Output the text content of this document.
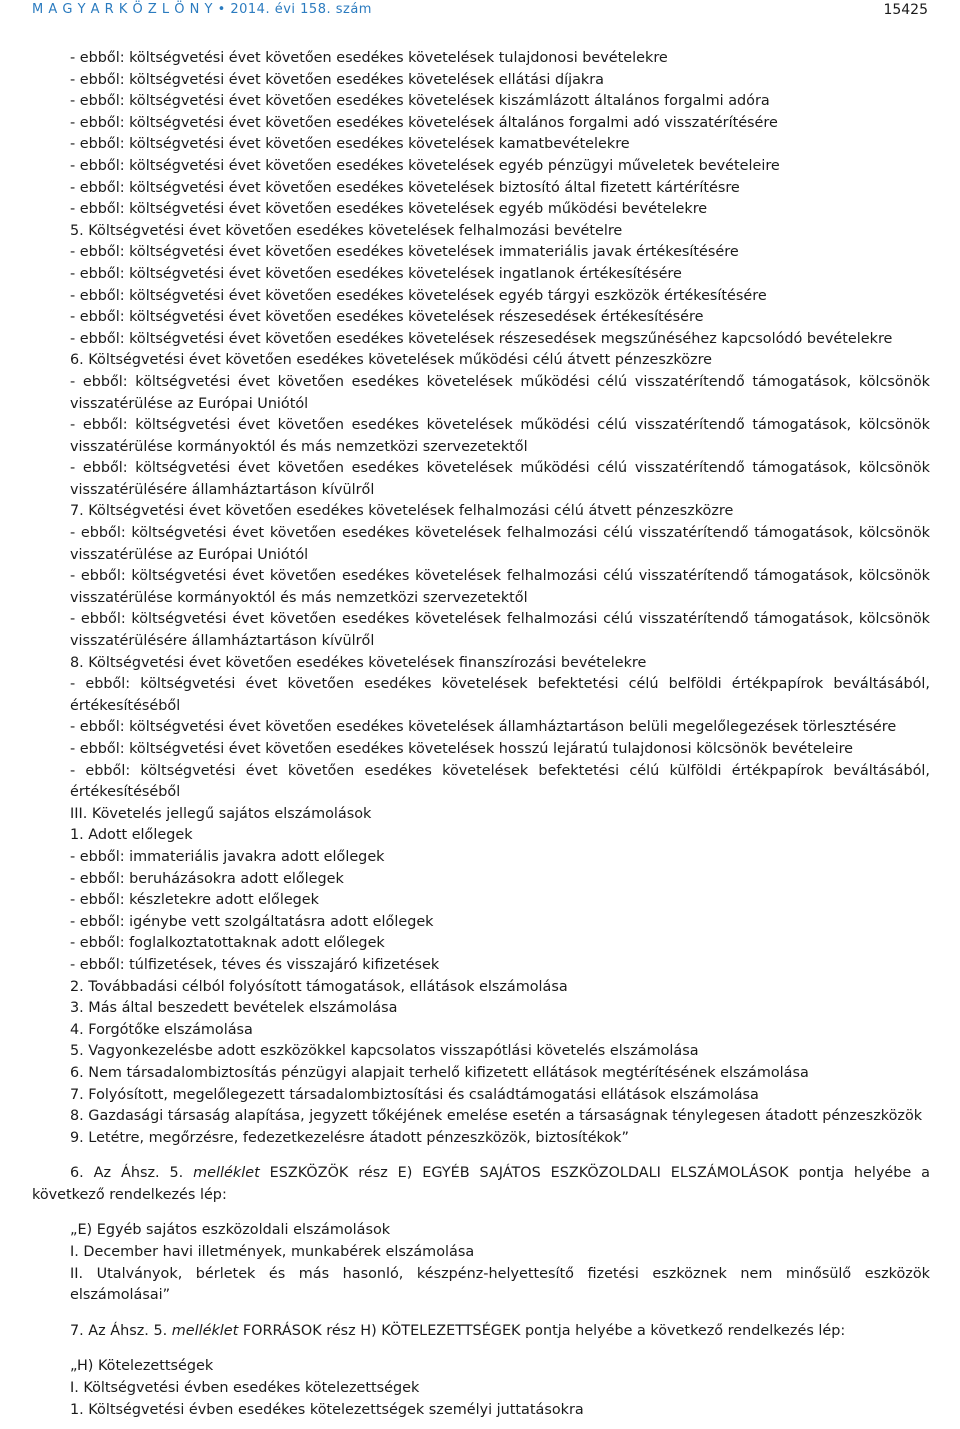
M A G Y A R K Ö Z L Ö N Y • 2014. évi 158. szám	15425
- ebből: költségvetési évet követően esedékes követelések tulajdonosi bevételekre
- ebből: költségvetési évet követően esedékes követelések ellátási díjakra
- ebből: költségvetési évet követően esedékes követelések kiszámlázott általános forgalmi adóra
- ebből: költségvetési évet követően esedékes követelések általános forgalmi adó visszatérítésére
- ebből: költségvetési évet követően esedékes követelések kamatbevételekre
- ebből: költségvetési évet követően esedékes követelések egyéb pénzügyi műveletek bevételeire
- ebből: költségvetési évet követően esedékes követelések biztosító által fizetett kártérítésre
- ebből: költségvetési évet követően esedékes követelések egyéb működési bevételekre
5. Költségvetési évet követően esedékes követelések felhalmozási bevételre
- ebből: költségvetési évet követően esedékes követelések immateriális javak értékesítésére
- ebből: költségvetési évet követően esedékes követelések ingatlanok értékesítésére
- ebből: költségvetési évet követően esedékes követelések egyéb tárgyi eszközök értékesítésére
- ebből: költségvetési évet követően esedékes követelések részesedések értékesítésére
- ebből: költségvetési évet követően esedékes követelések részesedések megszűnéséhez kapcsolódó bevételekre
6. Költségvetési évet követően esedékes követelések működési célú átvett pénzeszközre
- ebből: költségvetési évet követően esedékes követelések működési célú visszatérítendő támogatások, kölcsönök visszatérülése az Európai Uniótól
- ebből: költségvetési évet követően esedékes követelések működési célú visszatérítendő támogatások, kölcsönök visszatérülése kormányoktól és más nemzetközi szervezetektől
- ebből: költségvetési évet követően esedékes követelések működési célú visszatérítendő támogatások, kölcsönök visszatérülésére államháztartáson kívülről
7. Költségvetési évet követően esedékes követelések felhalmozási célú átvett pénzeszközre
- ebből: költségvetési évet követően esedékes követelések felhalmozási célú visszatérítendő támogatások, kölcsönök visszatérülése az Európai Uniótól
- ebből: költségvetési évet követően esedékes követelések felhalmozási célú visszatérítendő támogatások, kölcsönök visszatérülése kormányoktól és más nemzetközi szervezetektől
- ebből: költségvetési évet követően esedékes követelések felhalmozási célú visszatérítendő támogatások, kölcsönök visszatérülésére államháztartáson kívülről
8. Költségvetési évet követően esedékes követelések finanszírozási bevételekre
- ebből: költségvetési évet követően esedékes követelések befektetési célú belföldi értékpapírok beváltásából, értékesítéséből
- ebből: költségvetési évet követően esedékes követelések államháztartáson belüli megelőlegezések törlesztésére
- ebből: költségvetési évet követően esedékes követelések hosszú lejáratú tulajdonosi kölcsönök bevételeire
- ebből: költségvetési évet követően esedékes követelések befektetési célú külföldi értékpapírok beváltásából, értékesítéséből
III. Követelés jellegű sajátos elszámolások
1. Adott előlegek
- ebből: immateriális javakra adott előlegek
- ebből: beruházásokra adott előlegek
- ebből: készletekre adott előlegek
- ebből: igénybe vett szolgáltatásra adott előlegek
- ebből: foglalkoztatottaknak adott előlegek
- ebből: túlfizetések, téves és visszajáró kifizetések
2. Továbbadási célból folyósított támogatások, ellátások elszámolása
3. Más által beszedett bevételek elszámolása
4. Forgótőke elszámolása
5. Vagyonkezelésbe adott eszközökkel kapcsolatos visszapótlási követelés elszámolása
6. Nem társadalombiztosítás pénzügyi alapjait terhelő kifizetett ellátások megtérítésének elszámolása
7. Folyósított, megelőlegezett társadalombiztosítási és családtámogatási ellátások elszámolása
8. Gazdasági társaság alapítása, jegyzett tőkéjének emelése esetén a társaságnak ténylegesen átadott pénzeszközök
9. Letétre, megőrzésre, fedezetkezelésre átadott pénzeszközök, biztosítékok”
6. Az Áhsz. 5. melléklet ESZKÖZÖK rész E) EGYÉB SAJÁTOS ESZKÖZOLDALI ELSZÁMOLÁSOK pontja helyébe a következő rendelkezés lép:
„E) Egyéb sajátos eszközoldali elszámolások
I. December havi illetmények, munkabérek elszámolása
II. Utalványok, bérletek és más hasonló, készpénz-helyettesítő fizetési eszköznek nem minősülő eszközök elszámolásai”
7. Az Áhsz. 5. melléklet FORRÁSOK rész H) KÖTELEZETTSÉGEK pontja helyébe a következő rendelkezés lép:
„H) Kötelezettségek
I. Költségvetési évben esedékes kötelezettségek
1. Költségvetési évben esedékes kötelezettségek személyi juttatásokra
